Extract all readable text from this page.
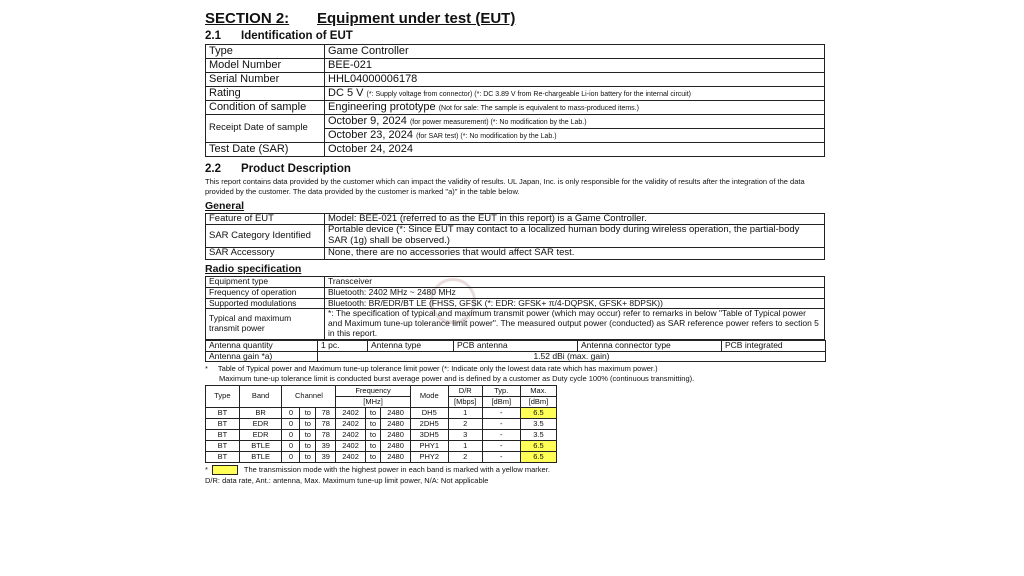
SECTION 2: Equipment under test (EUT)
2.1 Identification of EUT
Type	Game Controller
Model Number	BEE-021
Serial Number	HHL04000006178
Rating	DC 5 V (*: Supply voltage from connector) (*: DC 3.89 V from Re-chargeable Li-ion battery for the internal circuit)
Condition of sample	Engineering prototype (Not for sale: The sample is equivalent to mass-produced items.)
Receipt Date of sample	October 9, 2024 (for power measurement) (*: No modification by the Lab.)
	October 23, 2024 (for SAR test) (*: No modification by the Lab.)
Test Date (SAR)	October 24, 2024
2.2 Product Description
This report contains data provided by the customer which can impact the validity of results. UL Japan, Inc. is only responsible for the validity of results after the integration of the data provided by the customer. The data provided by the customer is marked "a)" in the table below.
General
Feature of EUT	Model: BEE-021 (referred to as the EUT in this report) is a Game Controller.
SAR Category Identified	Portable device (*: Since EUT may contact to a localized human body during wireless operation, the partial-body SAR (1g) shall be observed.)
SAR Accessory	None, there are no accessories that would affect SAR test.
Radio specification
Equipment type	Transceiver
Frequency of operation	Bluetooth: 2402 MHz ~ 2480 MHz
Supported modulations	Bluetooth: BR/EDR/BT LE (FHSS, GFSK (*: EDR: GFSK+ π/4-DQPSK, GFSK+ 8DPSK))
Typical and maximum transmit power	*: The specification of typical and maximum transmit power (which may occur) refer to remarks in below "Table of Typical power and Maximum tune-up tolerance limit power". The measured output power (conducted) as SAR reference power refers to section 5 in this report.
Antenna quantity	1 pc.	Antenna type	PCB antenna	Antenna connector type	PCB integrated
Antenna gain *a)	1.52 dBi (max. gain)				
* Table of Typical power and Maximum tune-up tolerance limit power (*: Indicate only the lowest data rate which has maximum power.)
Maximum tune-up tolerance limit is conducted burst average power and is defined by a customer as Duty cycle 100% (continuous transmitting).
Type	Band	Channel			Frequency			Mode	D/R	Typ.	Max.
					[MHz]				[Mbps]	[dBm]	[dBm]
BT	BR	0	to	78	2402	to	2480	DH5	1	-	6.5
BT	EDR	0	to	78	2402	to	2480	2DH5	2	-	3.5
BT	EDR	0	to	78	2402	to	2480	3DH5	3	-	3.5
BT	BTLE	0	to	39	2402	to	2480	PHY1	1	-	6.5
BT	BTLE	0	to	39	2402	to	2480	PHY2	2	-	6.5
*	The transmission mode with the highest power in each band is marked with a yellow marker.
D/R: data rate, Ant.: antenna, Max. Maximum tune-up limit power, N/A: Not applicable
